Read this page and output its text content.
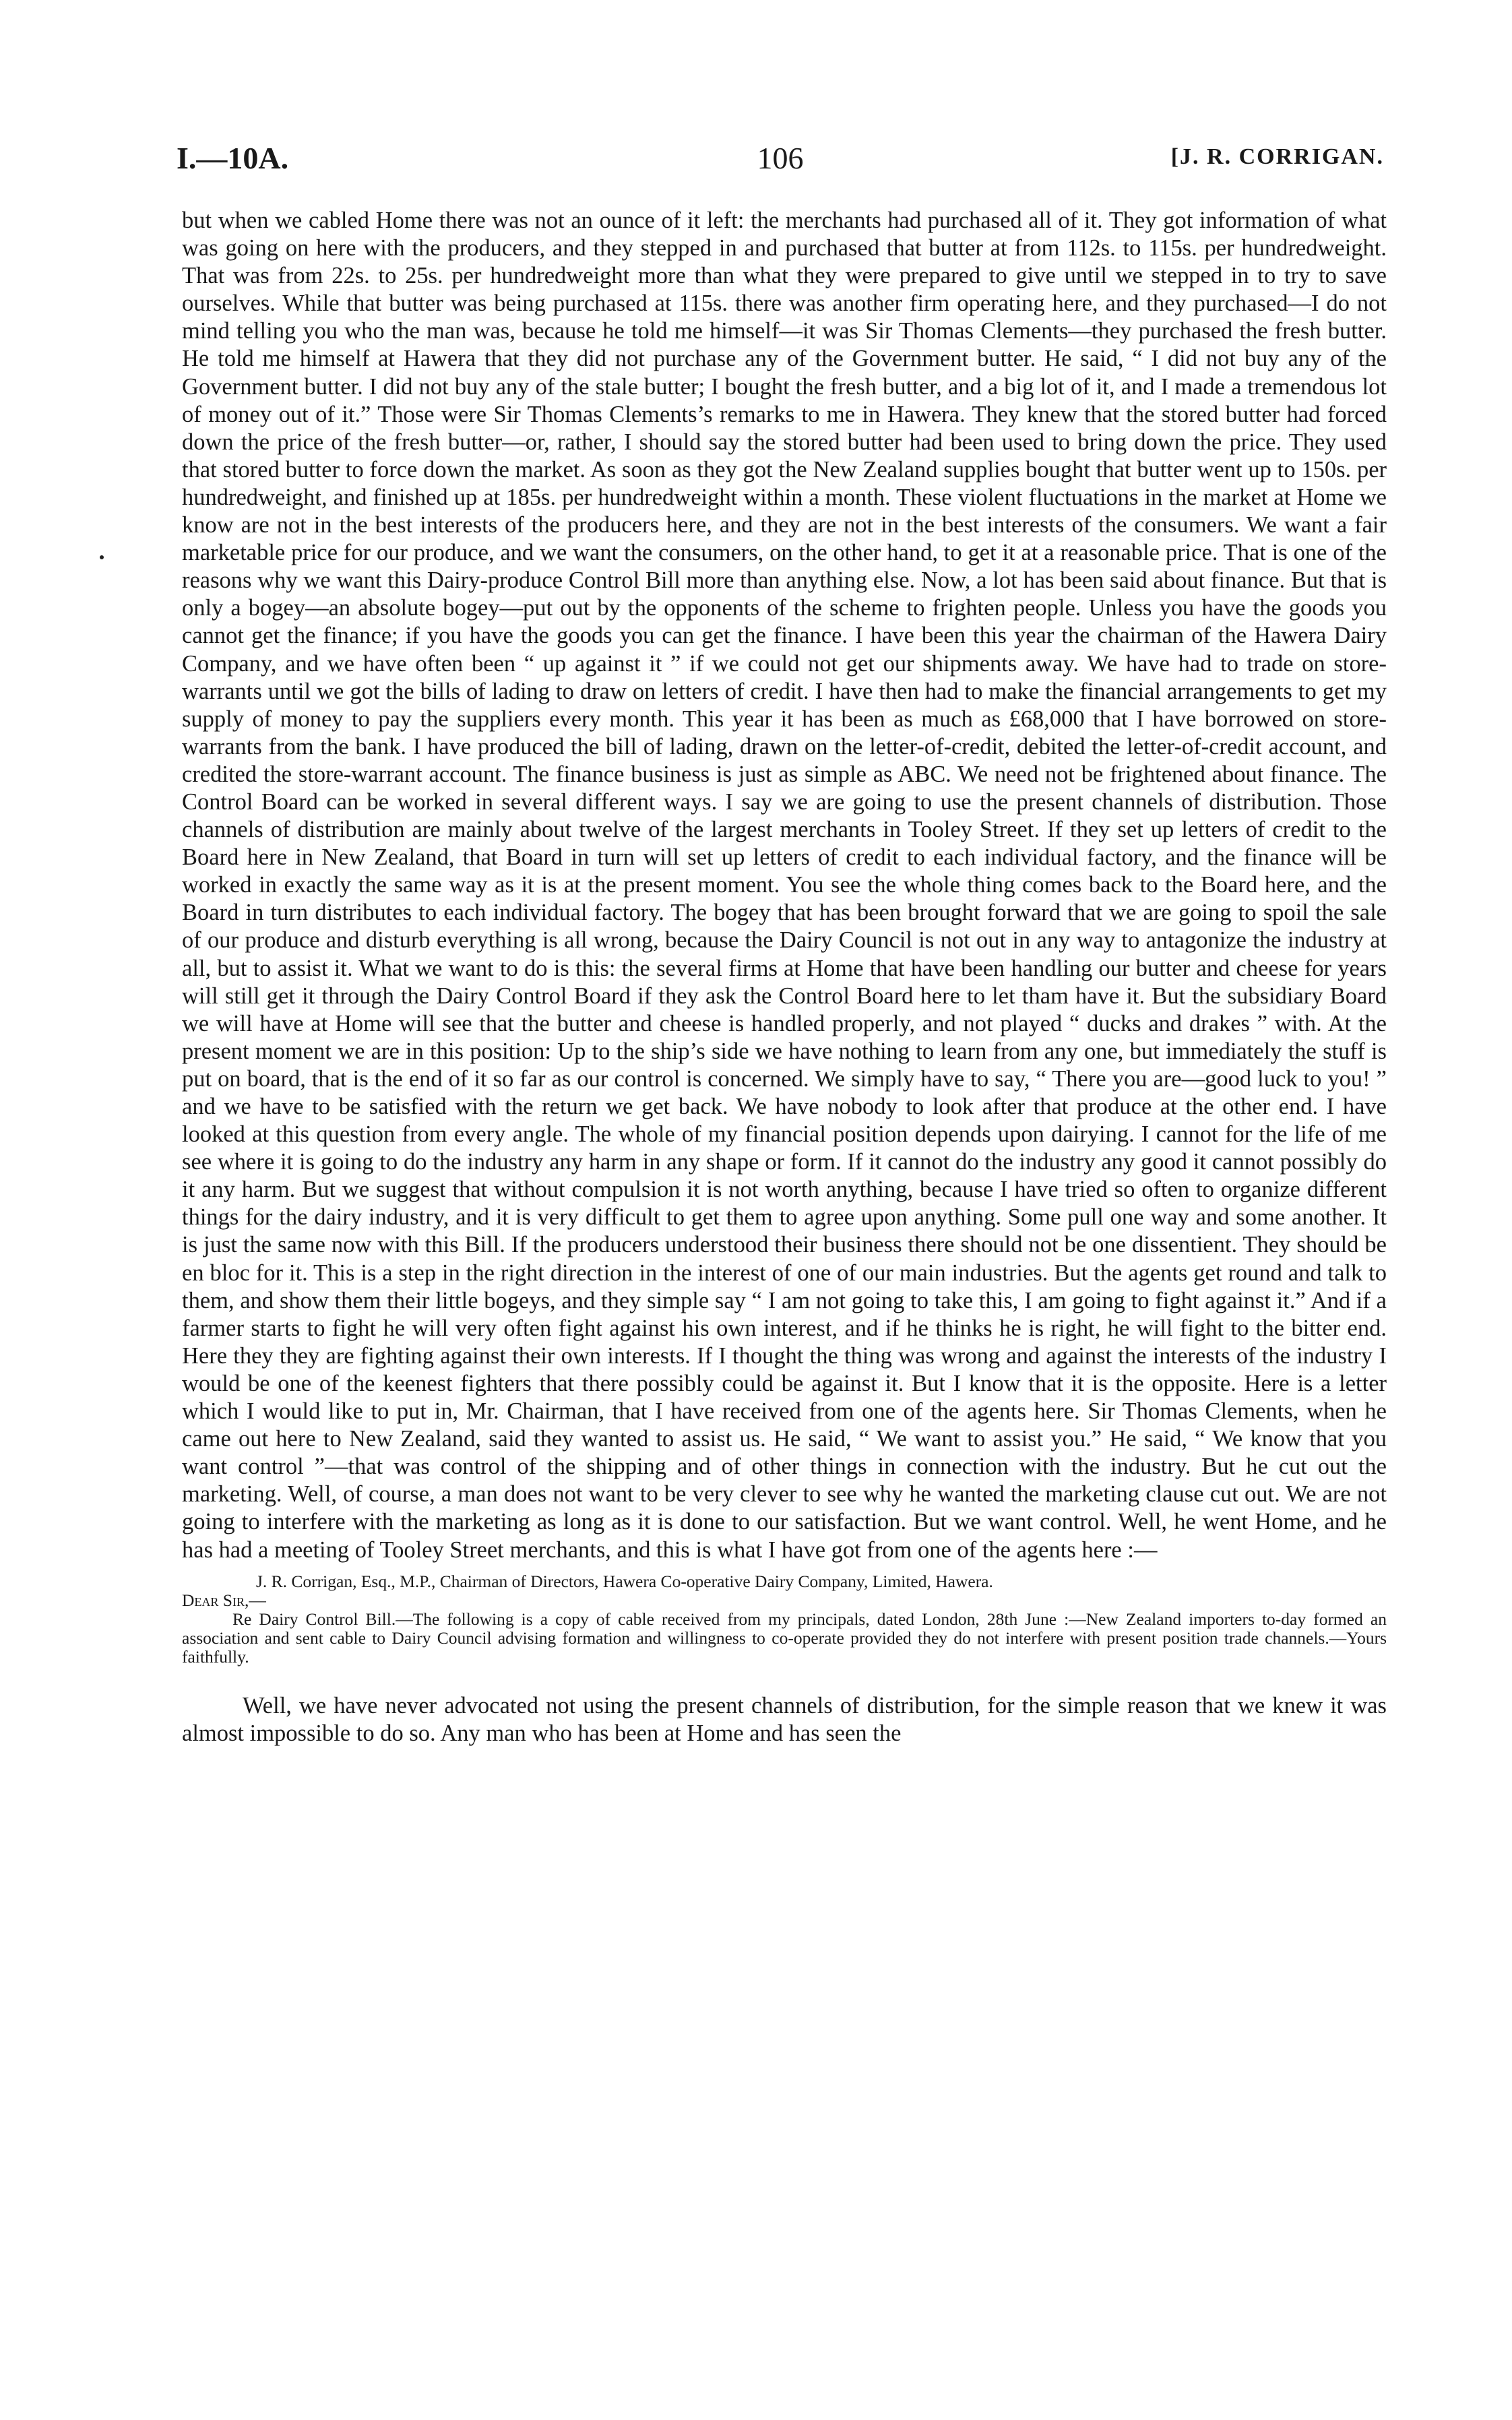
I.—10A.	106	[J. R. CORRIGAN.

but when we cabled Home there was not an ounce of it left: the merchants had purchased all of it. They got information of what was going on here with the producers, and they stepped in and purchased that butter at from 112s. to 115s. per hundredweight. That was from 22s. to 25s. per hundredweight more than what they were prepared to give until we stepped in to try to save ourselves. While that butter was being purchased at 115s. there was another firm operating here, and they purchased—I do not mind telling you who the man was, because he told me himself—it was Sir Thomas Clements—they purchased the fresh butter. He told me himself at Hawera that they did not purchase any of the Government butter. He said, “ I did not buy any of the Government butter. I did not buy any of the stale butter; I bought the fresh butter, and a big lot of it, and I made a tremendous lot of money out of it.” Those were Sir Thomas Clements’s remarks to me in Hawera. They knew that the stored butter had forced down the price of the fresh butter—or, rather, I should say the stored butter had been used to bring down the price. They used that stored butter to force down the market. As soon as they got the New Zealand supplies bought that butter went up to 150s. per hundredweight, and finished up at 185s. per hundredweight within a month. These violent fluctuations in the market at Home we know are not in the best interests of the producers here, and they are not in the best interests of the consumers. We want a fair marketable price for our produce, and we want the consumers, on the other hand, to get it at a reasonable price. That is one of the reasons why we want this Dairy-produce Control Bill more than anything else. Now, a lot has been said about finance. But that is only a bogey—an absolute bogey—put out by the opponents of the scheme to frighten people. Unless you have the goods you cannot get the finance; if you have the goods you can get the finance. I have been this year the chairman of the Hawera Dairy Company, and we have often been “ up against it ” if we could not get our shipments away. We have had to trade on store-warrants until we got the bills of lading to draw on letters of credit. I have then had to make the financial arrangements to get my supply of money to pay the suppliers every month. This year it has been as much as £68,000 that I have borrowed on store-warrants from the bank. I have produced the bill of lading, drawn on the letter-of-credit, debited the letter-of-credit account, and credited the store-warrant account. The finance business is just as simple as ABC. We need not be frightened about finance. The Control Board can be worked in several different ways. I say we are going to use the present channels of distribution. Those channels of distribution are mainly about twelve of the largest merchants in Tooley Street. If they set up letters of credit to the Board here in New Zealand, that Board in turn will set up letters of credit to each individual factory, and the finance will be worked in exactly the same way as it is at the present moment. You see the whole thing comes back to the Board here, and the Board in turn distributes to each individual factory. The bogey that has been brought forward that we are going to spoil the sale of our produce and disturb everything is all wrong, because the Dairy Council is not out in any way to antagonize the industry at all, but to assist it. What we want to do is this: the several firms at Home that have been handling our butter and cheese for years will still get it through the Dairy Control Board if they ask the Control Board here to let tham have it. But the subsidiary Board we will have at Home will see that the butter and cheese is handled properly, and not played “ ducks and drakes ” with. At the present moment we are in this position: Up to the ship’s side we have nothing to learn from any one, but immediately the stuff is put on board, that is the end of it so far as our control is concerned. We simply have to say, “ There you are—good luck to you! ” and we have to be satisfied with the return we get back. We have nobody to look after that produce at the other end. I have looked at this question from every angle. The whole of my financial position depends upon dairying. I cannot for the life of me see where it is going to do the industry any harm in any shape or form. If it cannot do the industry any good it cannot possibly do it any harm. But we suggest that without compulsion it is not worth anything, because I have tried so often to organize different things for the dairy industry, and it is very difficult to get them to agree upon anything. Some pull one way and some another. It is just the same now with this Bill. If the producers understood their business there should not be one dissentient. They should be en bloc for it. This is a step in the right direction in the interest of one of our main industries. But the agents get round and talk to them, and show them their little bogeys, and they simple say “ I am not going to take this, I am going to fight against it.” And if a farmer starts to fight he will very often fight against his own interest, and if he thinks he is right, he will fight to the bitter end. Here they they are fighting against their own interests. If I thought the thing was wrong and against the interests of the industry I would be one of the keenest fighters that there possibly could be against it. But I know that it is the opposite. Here is a letter which I would like to put in, Mr. Chairman, that I have received from one of the agents here. Sir Thomas Clements, when he came out here to New Zealand, said they wanted to assist us. He said, “ We want to assist you.” He said, “ We know that you want control ”—that was control of the shipping and of other things in connection with the industry. But he cut out the marketing. Well, of course, a man does not want to be very clever to see why he wanted the marketing clause cut out. We are not going to interfere with the marketing as long as it is done to our satisfaction. But we want control. Well, he went Home, and he has had a meeting of Tooley Street merchants, and this is what I have got from one of the agents here :—

J. R. Corrigan, Esq., M.P., Chairman of Directors, Hawera Co-operative Dairy Company, Limited, Hawera.
Dear Sir,—
Re Dairy Control Bill.—The following is a copy of cable received from my principals, dated London, 28th June :—New Zealand importers to-day formed an association and sent cable to Dairy Council advising formation and willingness to co-operate provided they do not interfere with present position trade channels.—Yours faithfully.

Well, we have never advocated not using the present channels of distribution, for the simple reason that we knew it was almost impossible to do so. Any man who has been at Home and has seen the
